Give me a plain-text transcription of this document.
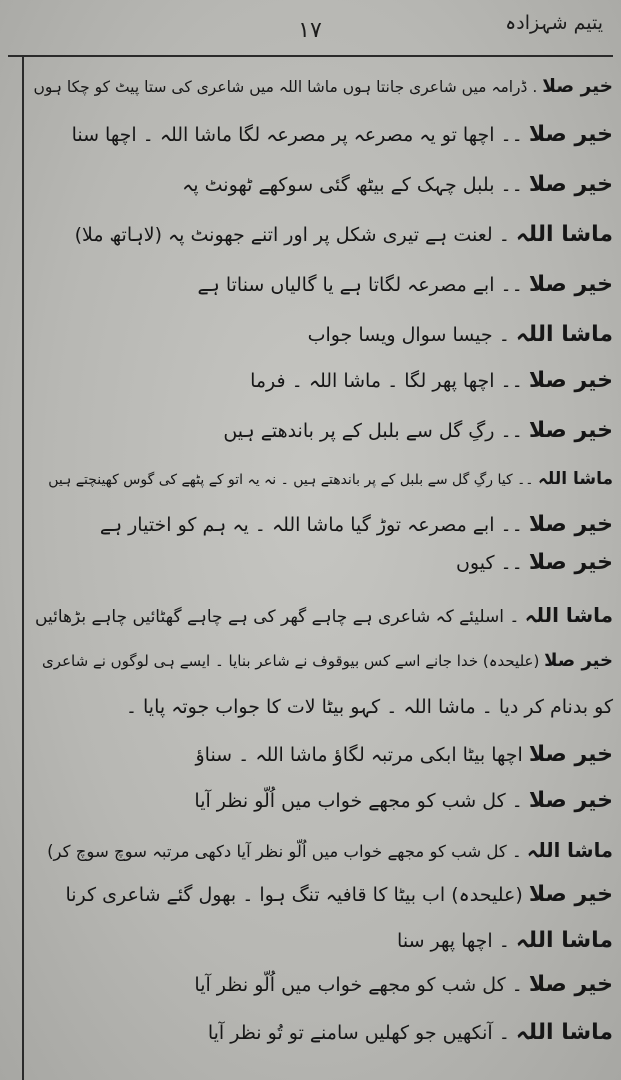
١٧	یتیم شہزادہ
خیر صلا . ڈرامہ میں شاعری جانتا ہوں ماشا اللہ میں شاعری کی ستا پیٹ کو چکا ہوں
خیر صلا ۔۔ اچھا تو یہ مصرعہ پر مصرعہ لگا ماشا اللہ ۔ اچھا سنا
خیر صلا ۔۔ بلبل چہک کے بیٹھ گئی سوکھے ٹھونٹ پہ
ماشا اللہ ۔ لعنت ہے تیری شکل پر اور اتنے جھونٹ پہ (لاہاتھ ملا)
خیر صلا ۔۔ ابے مصرعہ لگاتا ہے یا گالیاں سناتا ہے
ماشا اللہ ۔ جیسا سوال ویسا جواب
خیر صلا ۔۔ اچھا پھر لگا ۔ ماشا اللہ ۔ فرما
خیر صلا ۔۔ رگِ گل سے بلبل کے پر باندھتے ہیں
ماشا اللہ ۔۔ کیا رگِ گل سے بلبل کے پر باندھتے ہیں ۔ نہ یہ اتو کے پٹھے کی گوس کھینچتے ہیں
خیر صلا ۔۔ ابے مصرعہ توڑ گیا ماشا اللہ ۔ یہ ہم کو اختیار ہے
خیر صلا ۔۔ کیوں
ماشا اللہ ۔ اسلیئے کہ شاعری ہے چاہے گھر کی ہے چاہے گھٹائیں چاہے بڑھائیں
خیر صلا (علیحدہ) خدا جانے اسے کس بیوقوف نے شاعر بنایا ۔ ایسے ہی لوگوں نے شاعری
کو بدنام کر دیا ۔ ماشا اللہ ۔ کہو بیٹا لات کا جواب جوتہ پایا ۔
خیر صلا اچھا بیٹا ابکی مرتبہ لگاؤ ماشا اللہ ۔ سناؤ
خیر صلا ۔ کل شب کو مجھے خواب میں اُلّو نظر آیا
ماشا اللہ ۔ کل شب کو مجھے خواب میں اُلّو نظر آیا دکھی مرتبہ سوچ سوچ کر)
خیر صلا (علیحدہ) اب بیٹا کا قافیہ تنگ ہوا ۔ بھول گئے شاعری کرنا
ماشا اللہ ۔ اچھا پھر سنا
خیر صلا ۔ کل شب کو مجھے خواب میں اُلّو نظر آیا
ماشا اللہ ۔ آنکھیں جو کھلیں سامنے تو تُو نظر آیا
